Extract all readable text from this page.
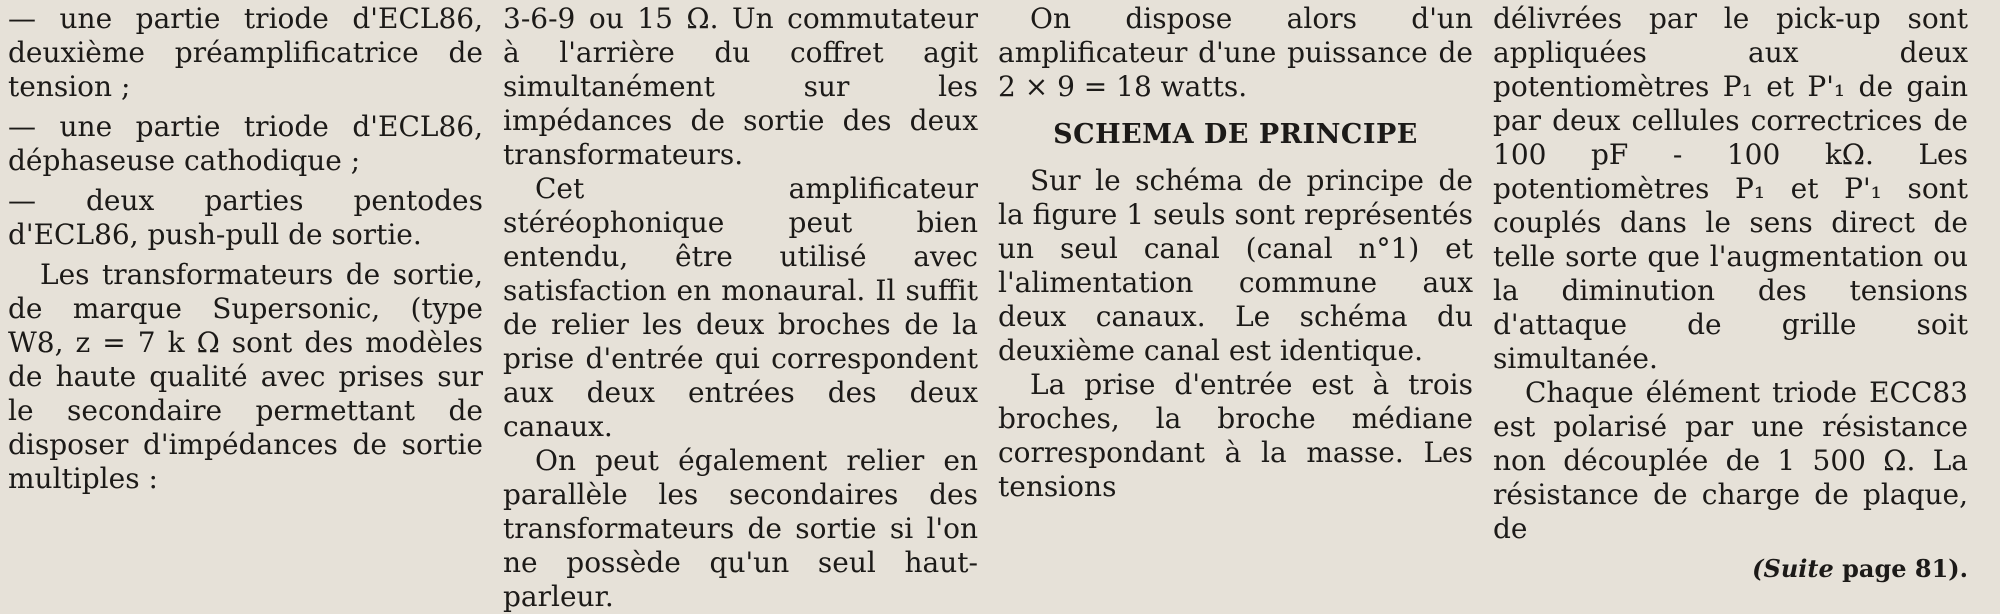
— une partie triode d'ECL86, deuxième préamplificatrice de tension ;
— une partie triode d'ECL86, déphaseuse cathodique ;
— deux parties pentodes d'ECL86, push-pull de sortie.

Les transformateurs de sortie, de marque Supersonic, (type W8, z = 7 k Ω sont des modèles de haute qualité avec prises sur le secondaire permettant de disposer d'impédances de sortie multiples :

3-6-9 ou 15 Ω. Un commutateur à l'arrière du coffret agit simultanément sur les impédances de sortie des deux transformateurs.

Cet amplificateur stéréophonique peut bien entendu, être utilisé avec satisfaction en monaural. Il suffit de relier les deux broches de la prise d'entrée qui correspondent aux deux entrées des deux canaux.

On peut également relier en parallèle les secondaires des transformateurs de sortie si l'on ne possède qu'un seul haut-parleur.

On dispose alors d'un amplificateur d'une puissance de 2 × 9 = 18 watts.

SCHEMA DE PRINCIPE

Sur le schéma de principe de la figure 1 seuls sont représentés un seul canal (canal n°1) et l'alimentation commune aux deux canaux. Le schéma du deuxième canal est identique.

La prise d'entrée est à trois broches, la broche médiane correspondant à la masse. Les tensions

délivrées par le pick-up sont appliquées aux deux potentiomètres P₁ et P'₁ de gain par deux cellules correctrices de 100 pF - 100 kΩ. Les potentiomètres P₁ et P'₁ sont couplés dans le sens direct de telle sorte que l'augmentation ou la diminution des tensions d'attaque de grille soit simultanée.

Chaque élément triode ECC83 est polarisé par une résistance non découplée de 1 500 Ω. La résistance de charge de plaque, de

(Suite page 81).
